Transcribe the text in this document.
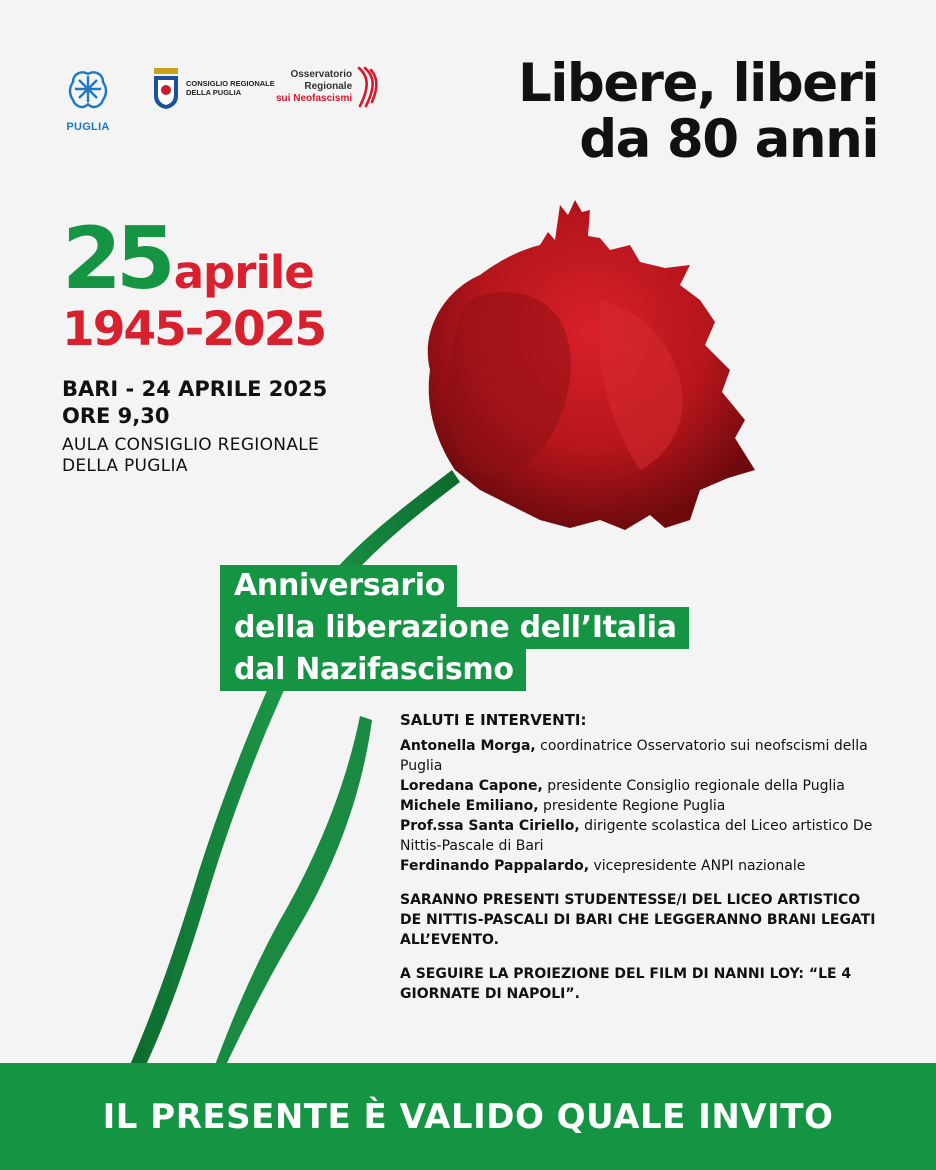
PUGLIA
CONSIGLIO REGIONALE
DELLA PUGLIA
Osservatorio
Regionale
sui Neofascismi	Libere, liberi
da 80 anni
25aprile
1945-2025
BARI - 24 APRILE 2025
ORE 9,30
AULA CONSIGLIO REGIONALE
DELLA PUGLIA
Anniversario
della liberazione dell’Italia
dal Nazifascismo
SALUTI E INTERVENTI:
Antonella Morga, coordinatrice Osservatorio sui neofscismi della Puglia
Loredana Capone, presidente Consiglio regionale della Puglia
Michele Emiliano, presidente Regione Puglia
Prof.ssa Santa Ciriello, dirigente scolastica del Liceo artistico De Nittis-Pascale di Bari
Ferdinando Pappalardo, vicepresidente ANPI nazionale
SARANNO PRESENTI STUDENTESSE/I DEL LICEO ARTISTICO DE NITTIS-PASCALI DI BARI CHE LEGGERANNO BRANI LEGATI ALL’EVENTO.
A SEGUIRE LA PROIEZIONE DEL FILM DI NANNI LOY: “LE 4 GIORNATE DI NAPOLI”.
IL PRESENTE È VALIDO QUALE INVITO
